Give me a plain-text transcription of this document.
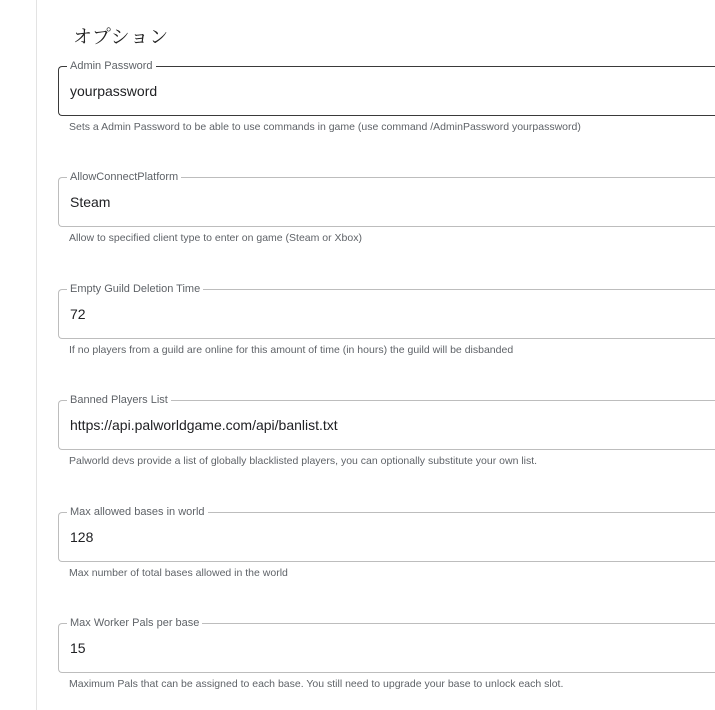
オプション
Admin Password
yourpassword
Sets a Admin Password to be able to use commands in game (use command /AdminPassword yourpassword)
AllowConnectPlatform
Steam
Allow to specified client type to enter on game (Steam or Xbox)
Empty Guild Deletion Time
72
If no players from a guild are online for this amount of time (in hours) the guild will be disbanded
Banned Players List
https://api.palworldgame.com/api/banlist.txt
Palworld devs provide a list of globally blacklisted players, you can optionally substitute your own list.
Max allowed bases in world
128
Max number of total bases allowed in the world
Max Worker Pals per base
15
Maximum Pals that can be assigned to each base. You still need to upgrade your base to unlock each slot.
